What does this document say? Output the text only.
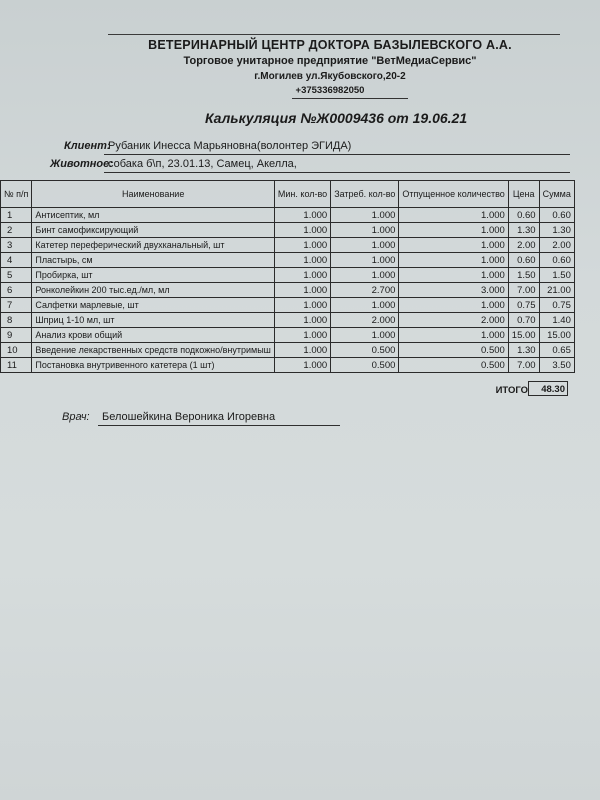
ВЕТЕРИНАРНЫЙ ЦЕНТР ДОКТОРА БАЗЫЛЕВСКОГО А.А.
Торговое унитарное предприятие "ВетМедиаСервис"
г.Могилев ул.Якубовского,20-2
+375336982050
Калькуляция №Ж0009436 от 19.06.21
Клиент:
Рубаник Инесса Марьяновна(волонтер ЭГИДА)
Животное:
собака б\п, 23.01.13, Самец, Акелла,
№ п/п	Наименование	Мин. кол-во	Затреб. кол-во	Отпущенное количество	Цена	Сумма
1	Антисептик, мл	1.000	1.000	1.000	0.60	0.60
2	Бинт самофиксирующий	1.000	1.000	1.000	1.30	1.30
3	Катетер переферический двухканальный, шт	1.000	1.000	1.000	2.00	2.00
4	Пластырь, см	1.000	1.000	1.000	0.60	0.60
5	Пробирка, шт	1.000	1.000	1.000	1.50	1.50
6	Ронколейкин 200 тыс.ед./мл, мл	1.000	2.700	3.000	7.00	21.00
7	Салфетки марлевые, шт	1.000	1.000	1.000	0.75	0.75
8	Шприц 1-10 мл, шт	1.000	2.000	2.000	0.70	1.40
9	Анализ крови общий	1.000	1.000	1.000	15.00	15.00
10	Введение лекарственных средств подкожно/внутримыш	1.000	0.500	0.500	1.30	0.65
11	Постановка внутривенного катетера (1 шт)	1.000	0.500	0.500	7.00	3.50
ИТОГО	48.30
Врач: Белошейкина Вероника Игоревна
